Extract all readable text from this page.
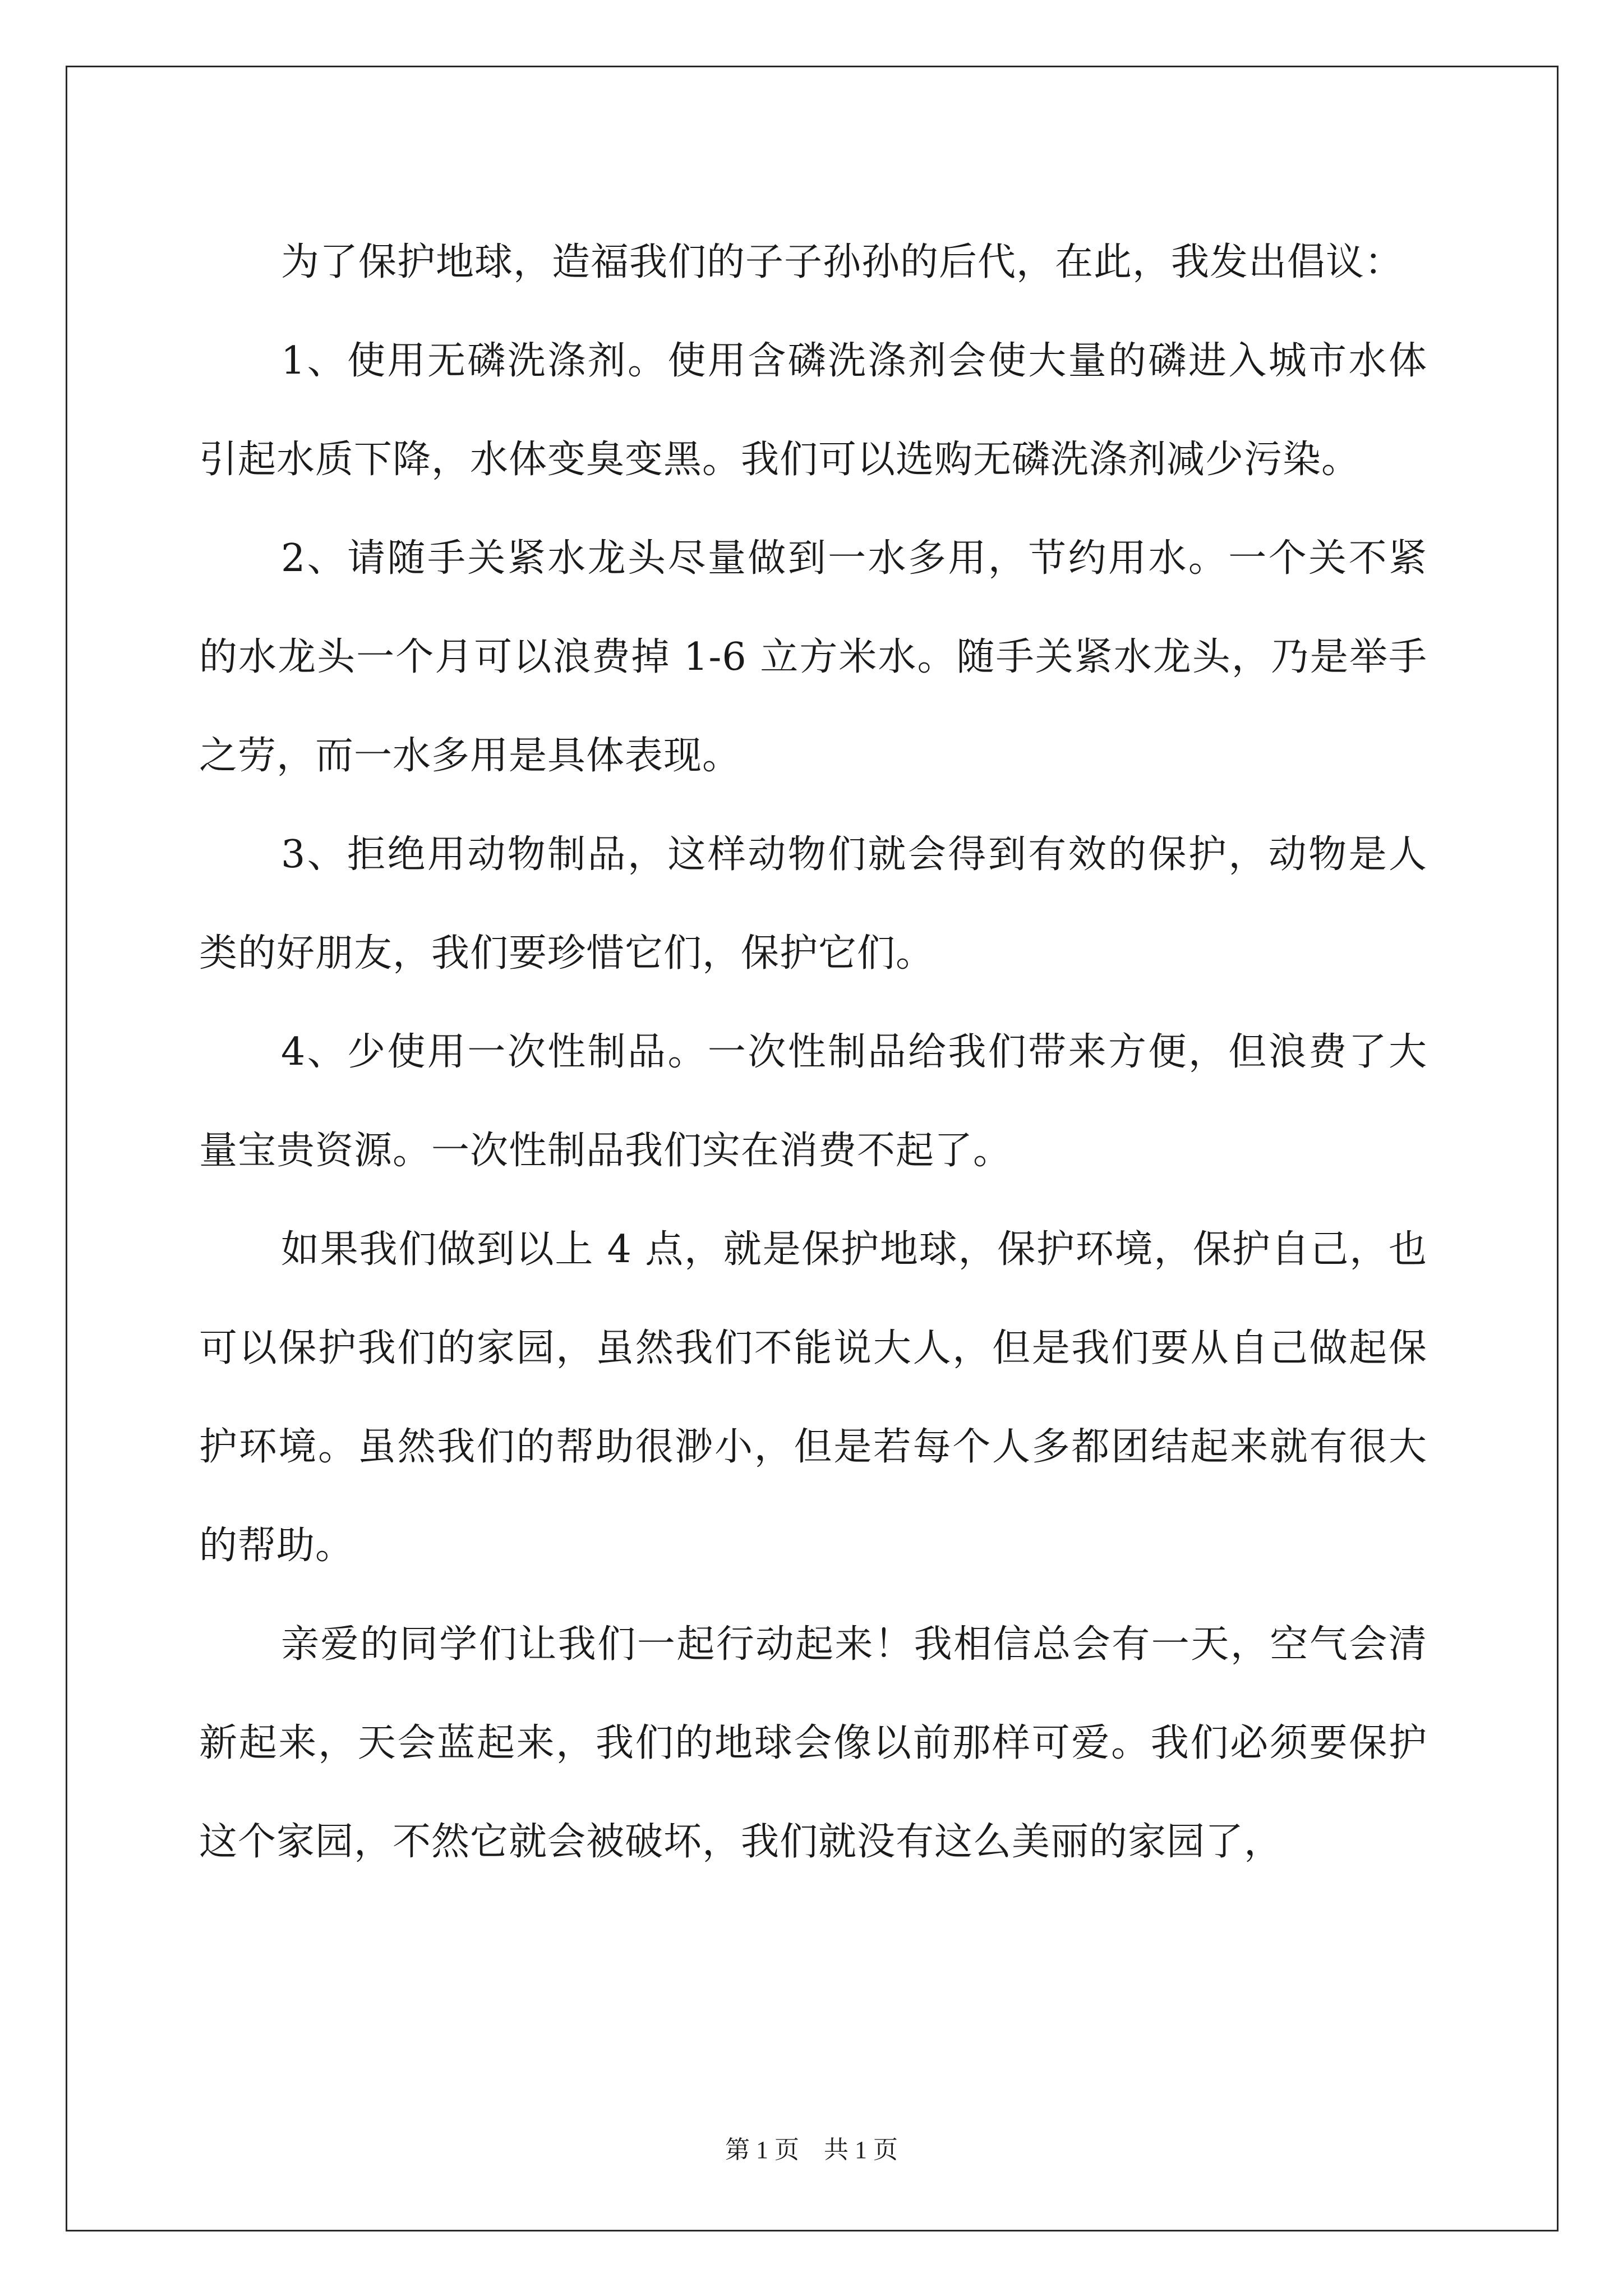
为了保护地球，造福我们的子子孙孙的后代，在此，我发出倡议：

1、使用无磷洗涤剂。使用含磷洗涤剂会使大量的磷进入城市水体引起水质下降，水体变臭变黑。我们可以选购无磷洗涤剂减少污染。

2、请随手关紧水龙头尽量做到一水多用，节约用水。一个关不紧的水龙头一个月可以浪费掉 1-6 立方米水。随手关紧水龙头，乃是举手之劳，而一水多用是具体表现。

3、拒绝用动物制品，这样动物们就会得到有效的保护，动物是人类的好朋友，我们要珍惜它们，保护它们。

4、少使用一次性制品。一次性制品给我们带来方便，但浪费了大量宝贵资源。一次性制品我们实在消费不起了。

如果我们做到以上 4 点，就是保护地球，保护环境，保护自己，也可以保护我们的家园，虽然我们不能说大人，但是我们要从自己做起保护环境。虽然我们的帮助很渺小，但是若每个人多都团结起来就有很大的帮助。

亲爱的同学们让我们一起行动起来！我相信总会有一天，空气会清新起来，天会蓝起来，我们的地球会像以前那样可爱。我们必须要保护这个家园，不然它就会被破坏，我们就没有这么美丽的家园了，

第 1 页　共 1 页
